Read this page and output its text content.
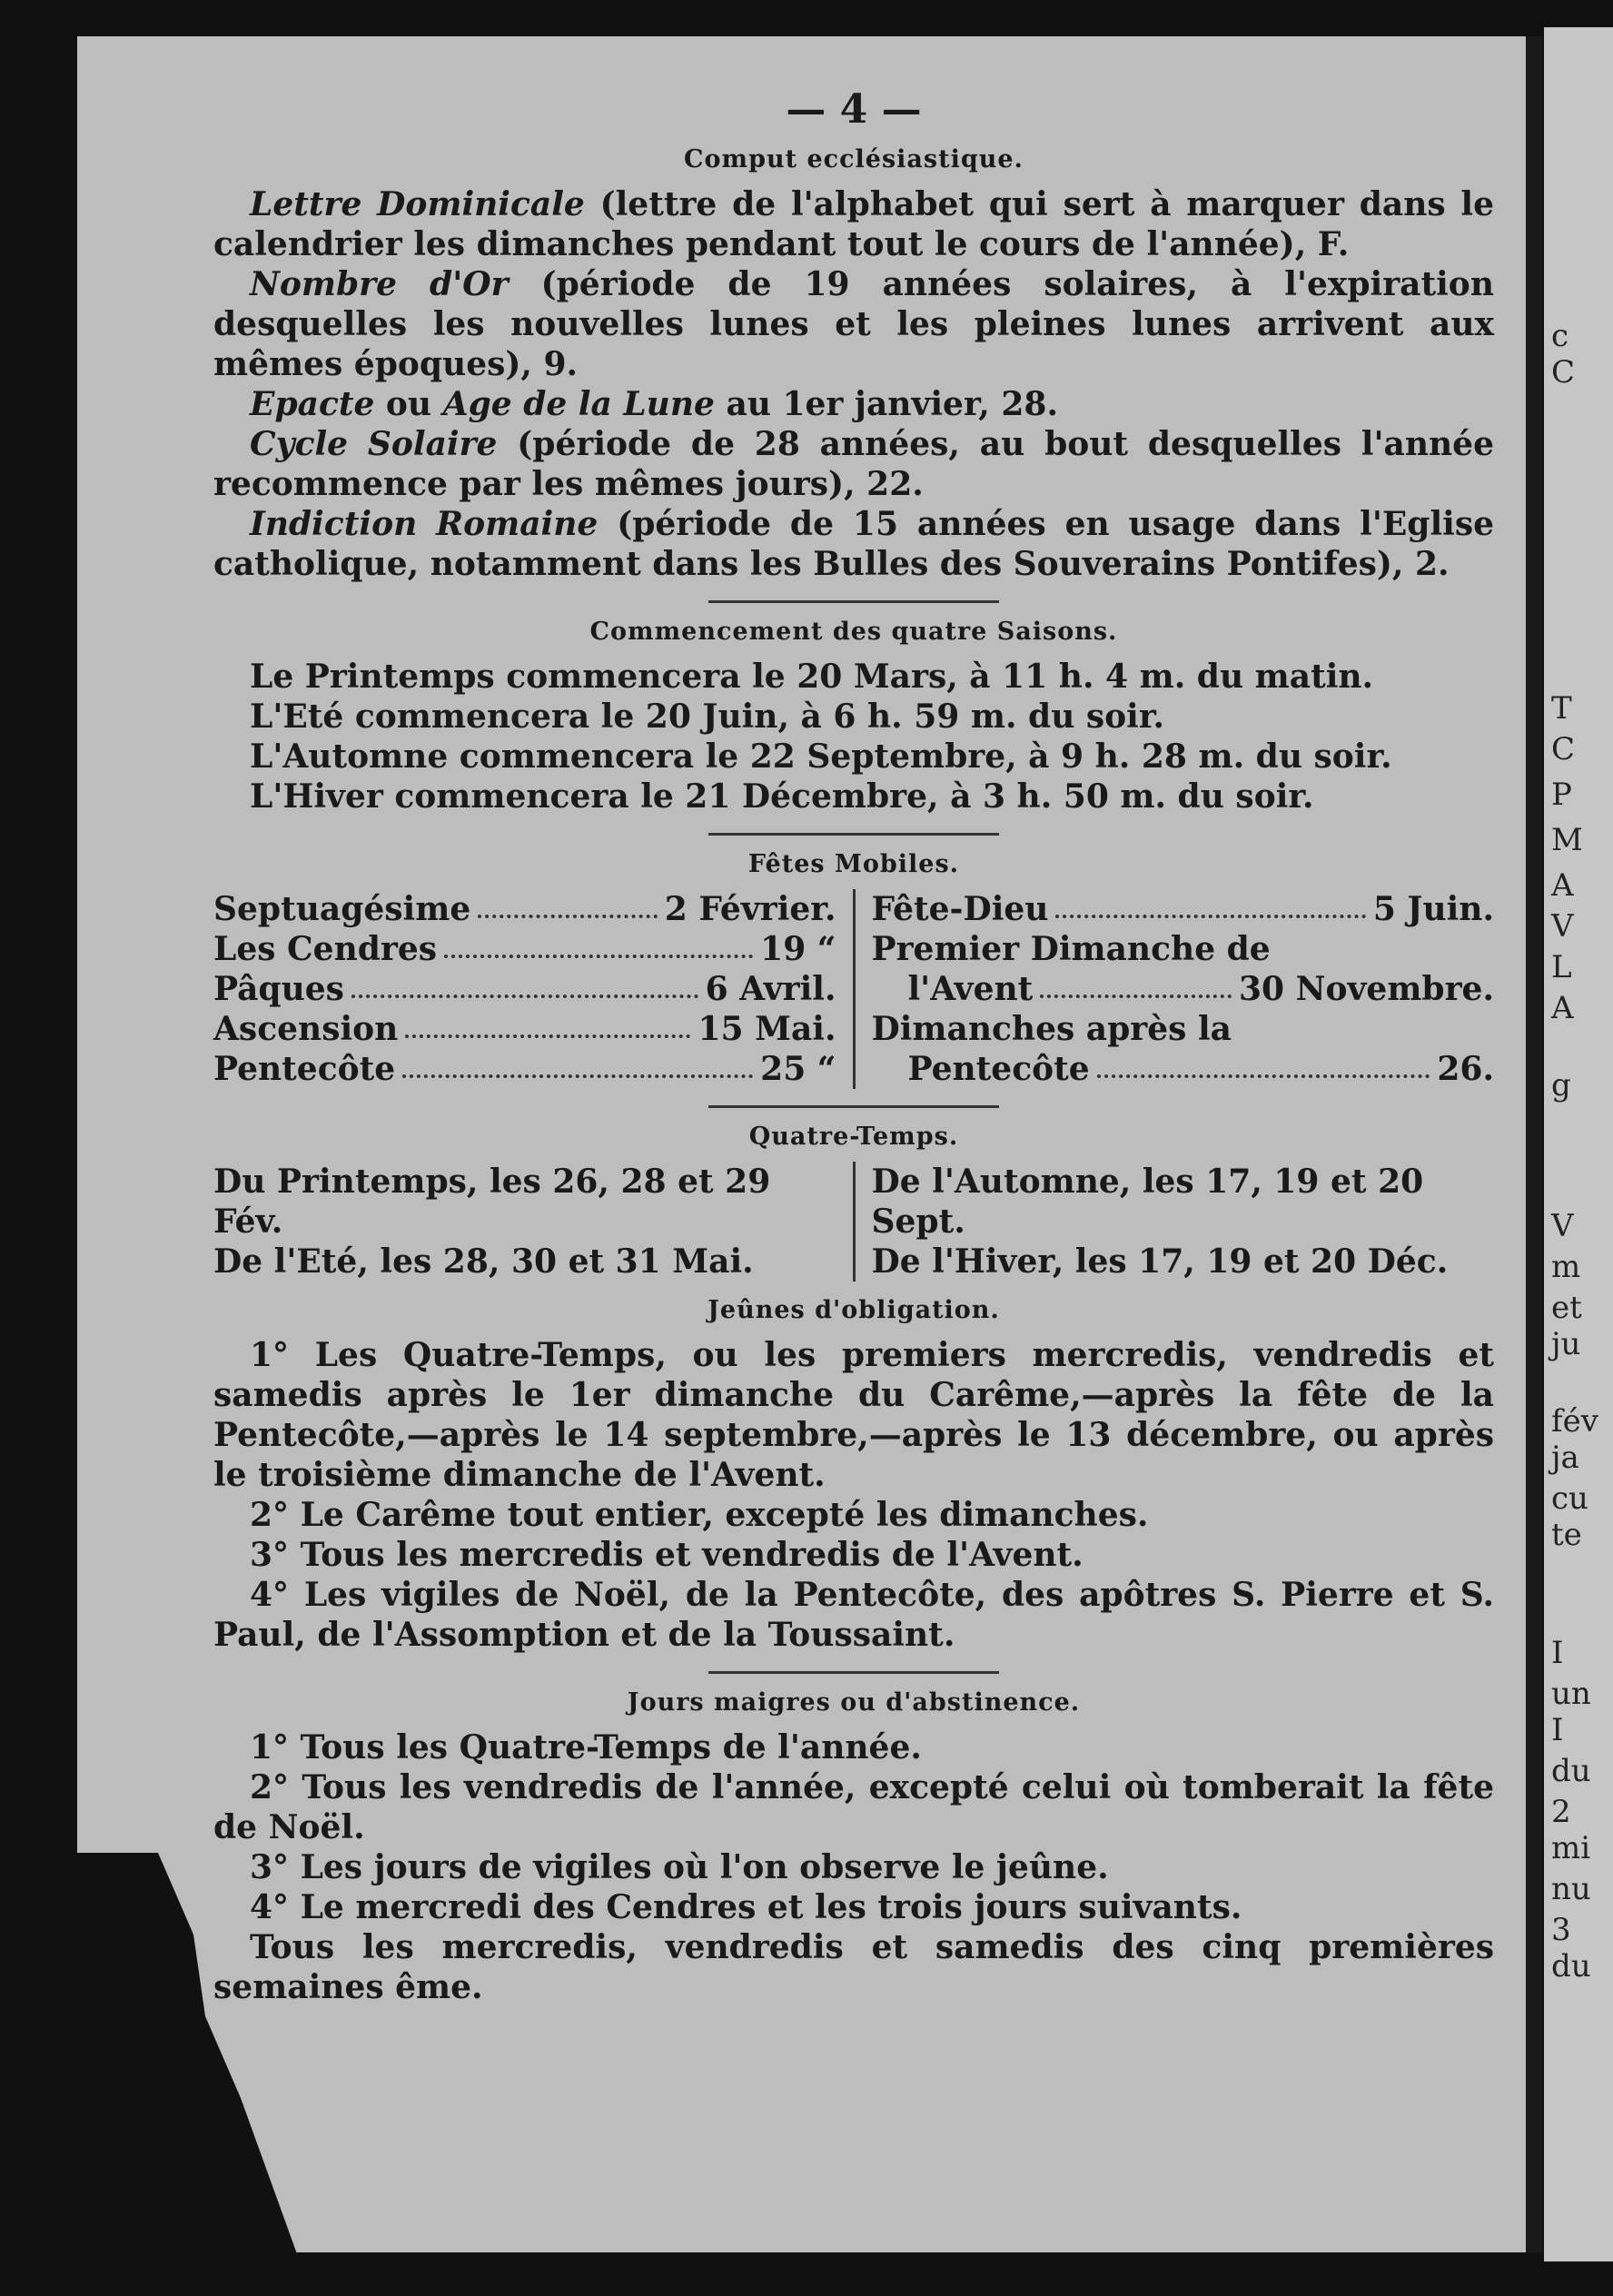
c
C
T
C
P
M
A
V
L
A
g
V
m
et
ju
fév
ja
cu
te
I
un
I
du
2
mi
nu
3
du
— 4 —
Comput ecclésiastique.

Lettre Dominicale (lettre de l'alphabet qui sert à marquer dans le calendrier les dimanches pendant tout le cours de l'année), F.

Nombre d'Or (période de 19 années solaires, à l'expiration desquelles les nouvelles lunes et les pleines lunes arrivent aux mêmes époques), 9.

Epacte ou Age de la Lune au 1er janvier, 28.

Cycle Solaire (période de 28 années, au bout desquelles l'année recommence par les mêmes jours), 22.

Indiction Romaine (période de 15 années en usage dans l'Eglise catholique, notamment dans les Bulles des Souverains Pontifes), 2.

Commencement des quatre Saisons.

Le Printemps commencera le 20 Mars, à 11 h. 4 m. du matin.

L'Eté commencera le 20 Juin, à 6 h. 59 m. du soir.

L'Automne commencera le 22 Septembre, à 9 h. 28 m. du soir.

L'Hiver commencera le 21 Décembre, à 3 h. 50 m. du soir.

Fêtes Mobiles.
Septuagésime	2 Février.
Les Cendres	19 “
Pâques	6 Avril.
Ascension	15 Mai.
Pentecôte	25 “
Fête-Dieu	5 Juin.
Premier Dimanche de
l'Avent	30 Novembre.
Dimanches après la
Pentecôte	26.
Quatre-Temps.
Du Printemps, les 26, 28 et 29 Fév.
De l'Eté, les 28, 30 et 31 Mai.
De l'Automne, les 17, 19 et 20 Sept.
De l'Hiver, les 17, 19 et 20 Déc.
Jeûnes d'obligation.

1° Les Quatre-Temps, ou les premiers mercredis, vendredis et samedis après le 1er dimanche du Carême,—après la fête de la Pentecôte,—après le 14 septembre,—après le 13 décembre, ou après le troisième dimanche de l'Avent.

2° Le Carême tout entier, excepté les dimanches.

3° Tous les mercredis et vendredis de l'Avent.

4° Les vigiles de Noël, de la Pentecôte, des apôtres S. Pierre et S. Paul, de l'Assomption et de la Toussaint.

Jours maigres ou d'abstinence.

1° Tous les Quatre-Temps de l'année.

2° Tous les vendredis de l'année, excepté celui où tomberait la fête de Noël.

3° Les jours de vigiles où l'on observe le jeûne.

4° Le mercredi des Cendres et les trois jours suivants.

Tous les mercredis, vendredis et samedis des cinq premières semaines ême.
